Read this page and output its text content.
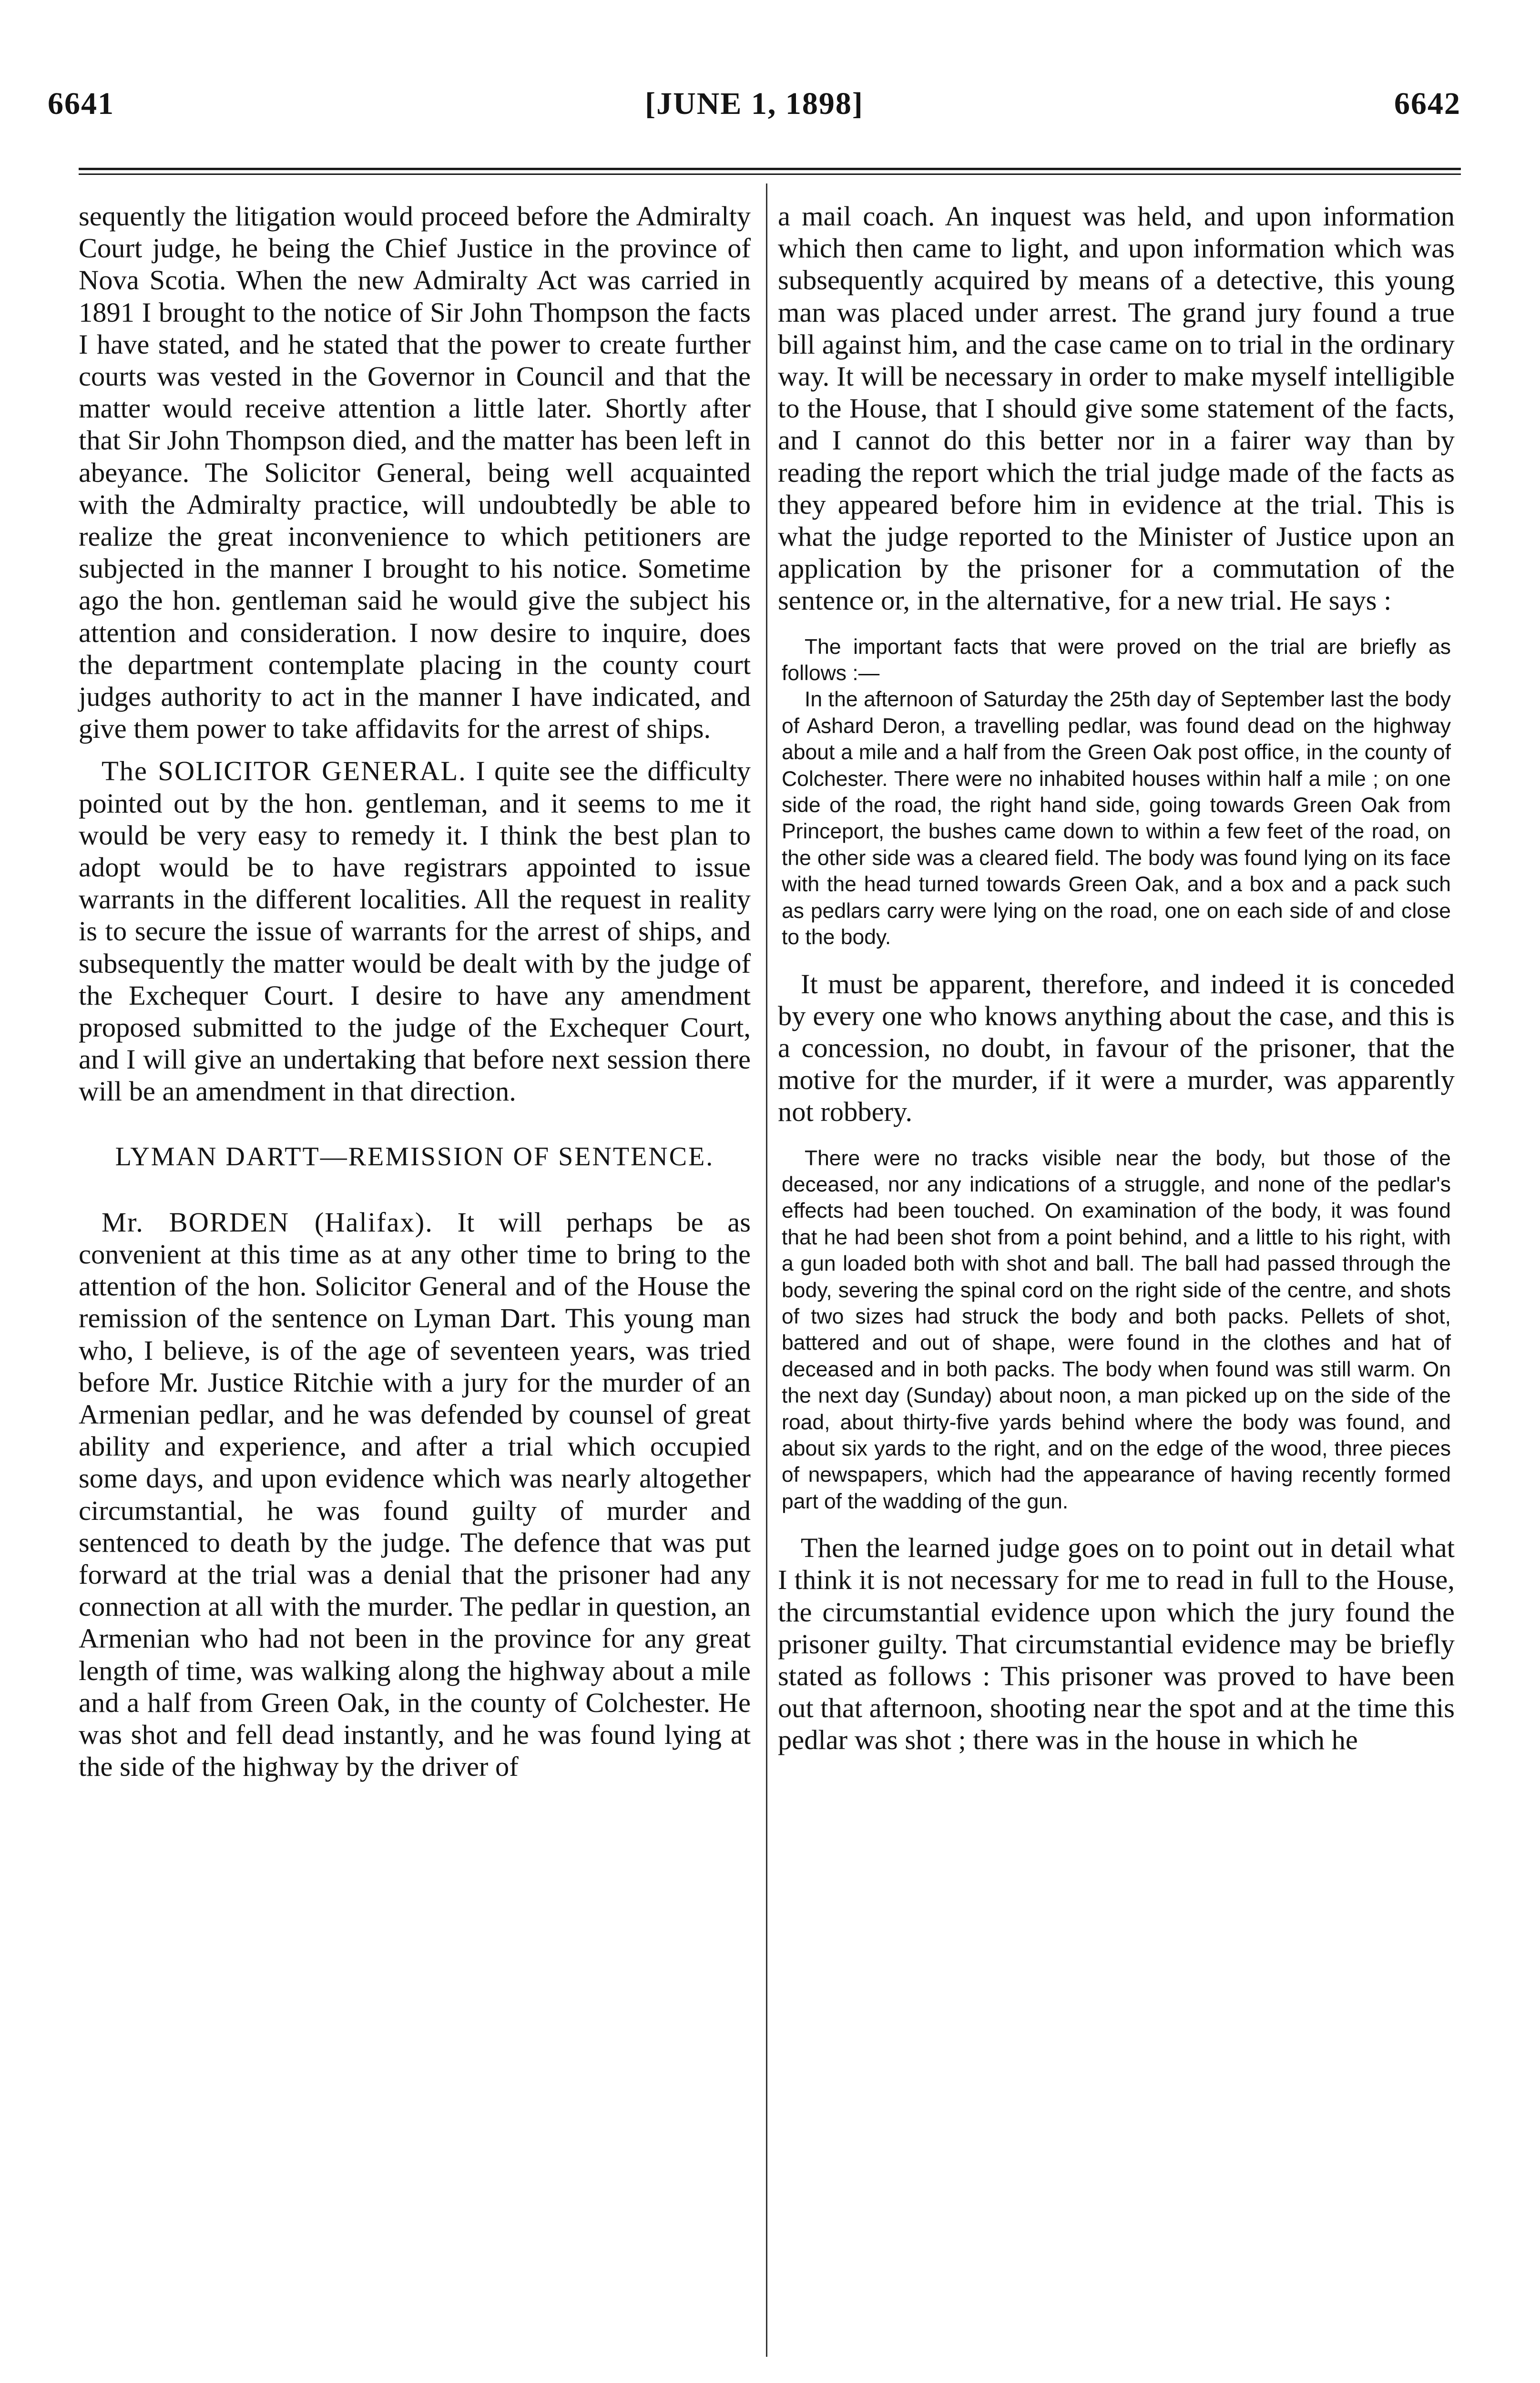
6641	[JUNE 1, 1898]	6642

sequently the litigation would proceed before the Admiralty Court judge, he being the Chief Justice in the province of Nova Scotia. When the new Admiralty Act was carried in 1891 I brought to the notice of Sir John Thompson the facts I have stated, and he stated that the power to create further courts was vested in the Governor in Council and that the matter would receive attention a little later. Shortly after that Sir John Thompson died, and the matter has been left in abeyance. The Solicitor General, being well acquainted with the Admiralty practice, will undoubtedly be able to realize the great inconvenience to which petitioners are subjected in the manner I brought to his notice. Sometime ago the hon. gentleman said he would give the subject his attention and consideration. I now desire to inquire, does the department contemplate placing in the county court judges authority to act in the manner I have indicated, and give them power to take affidavits for the arrest of ships.

The SOLICITOR GENERAL. I quite see the difficulty pointed out by the hon. gentleman, and it seems to me it would be very easy to remedy it. I think the best plan to adopt would be to have registrars appointed to issue warrants in the different localities. All the request in reality is to secure the issue of warrants for the arrest of ships, and subsequently the matter would be dealt with by the judge of the Exchequer Court. I desire to have any amendment proposed submitted to the judge of the Exchequer Court, and I will give an undertaking that before next session there will be an amendment in that direction.

LYMAN DARTT—REMISSION OF SENTENCE.

Mr. BORDEN (Halifax). It will perhaps be as convenient at this time as at any other time to bring to the attention of the hon. Solicitor General and of the House the remission of the sentence on Lyman Dart. This young man who, I believe, is of the age of seventeen years, was tried before Mr. Justice Ritchie with a jury for the murder of an Armenian pedlar, and he was defended by counsel of great ability and experience, and after a trial which occupied some days, and upon evidence which was nearly altogether circumstantial, he was found guilty of murder and sentenced to death by the judge. The defence that was put forward at the trial was a denial that the prisoner had any connection at all with the murder. The pedlar in question, an Armenian who had not been in the province for any great length of time, was walking along the highway about a mile and a half from Green Oak, in the county of Colchester. He was shot and fell dead instantly, and he was found lying at the side of the highway by the driver of

a mail coach. An inquest was held, and upon information which then came to light, and upon information which was subsequently acquired by means of a detective, this young man was placed under arrest. The grand jury found a true bill against him, and the case came on to trial in the ordinary way. It will be necessary in order to make myself intelligible to the House, that I should give some statement of the facts, and I cannot do this better nor in a fairer way than by reading the report which the trial judge made of the facts as they appeared before him in evidence at the trial. This is what the judge reported to the Minister of Justice upon an application by the prisoner for a commutation of the sentence or, in the alternative, for a new trial. He says :

The important facts that were proved on the trial are briefly as follows :—

In the afternoon of Saturday the 25th day of September last the body of Ashard Deron, a travelling pedlar, was found dead on the highway about a mile and a half from the Green Oak post office, in the county of Colchester. There were no inhabited houses within half a mile ; on one side of the road, the right hand side, going towards Green Oak from Princeport, the bushes came down to within a few feet of the road, on the other side was a cleared field. The body was found lying on its face with the head turned towards Green Oak, and a box and a pack such as pedlars carry were lying on the road, one on each side of and close to the body.

It must be apparent, therefore, and indeed it is conceded by every one who knows anything about the case, and this is a concession, no doubt, in favour of the prisoner, that the motive for the murder, if it were a murder, was apparently not robbery.

There were no tracks visible near the body, but those of the deceased, nor any indications of a struggle, and none of the pedlar's effects had been touched. On examination of the body, it was found that he had been shot from a point behind, and a little to his right, with a gun loaded both with shot and ball. The ball had passed through the body, severing the spinal cord on the right side of the centre, and shots of two sizes had struck the body and both packs. Pellets of shot, battered and out of shape, were found in the clothes and hat of deceased and in both packs. The body when found was still warm. On the next day (Sunday) about noon, a man picked up on the side of the road, about thirty-five yards behind where the body was found, and about six yards to the right, and on the edge of the wood, three pieces of newspapers, which had the appearance of having recently formed part of the wadding of the gun.

Then the learned judge goes on to point out in detail what I think it is not necessary for me to read in full to the House, the circumstantial evidence upon which the jury found the prisoner guilty. That circumstantial evidence may be briefly stated as follows : This prisoner was proved to have been out that afternoon, shooting near the spot and at the time this pedlar was shot ; there was in the house in which he
